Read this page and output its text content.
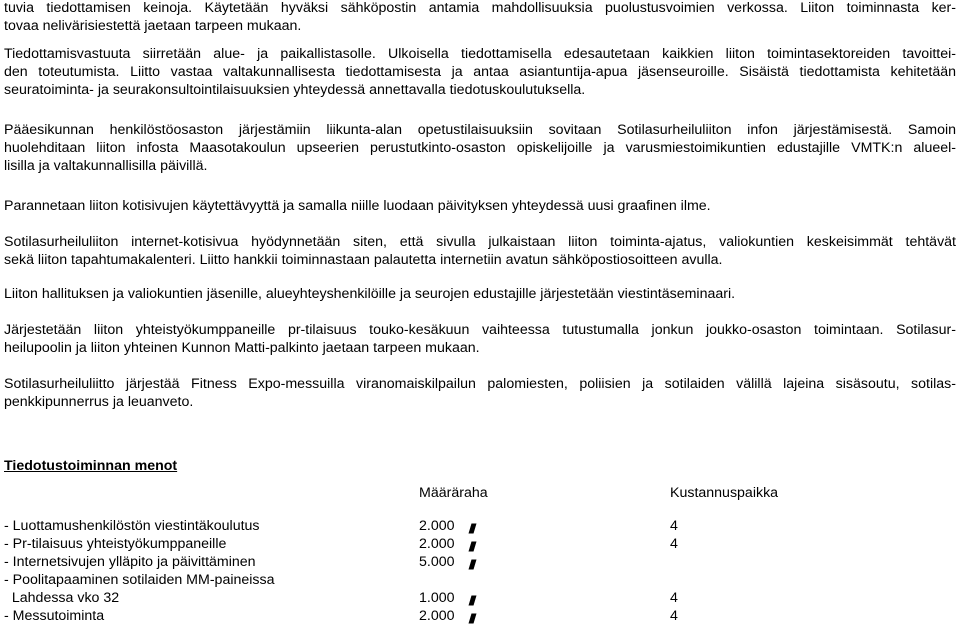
tuvia tiedottamisen keinoja. Käytetään hyväksi sähköpostin antamia mahdollisuuksia puolustusvoimien verkossa. Liiton toiminnasta ker-
tovaa nelivärisiestettä jaetaan tarpeen mukaan.
Tiedottamisvastuuta siirretään alue- ja paikallistasolle. Ulkoisella tiedottamisella edesautetaan kaikkien liiton toimintasektoreiden tavoittei-
den toteutumista. Liitto vastaa valtakunnallisesta tiedottamisesta ja antaa asiantuntija-apua jäsenseuroille. Sisäistä tiedottamista kehitetään
seuratoiminta- ja seurakonsultointilaisuuksien yhteydessä annettavalla tiedotuskoulutuksella.
Pääesikunnan henkilöstöosaston järjestämiin liikunta-alan opetustilaisuuksiin sovitaan Sotilasurheiluliiton infon järjestämisestä. Samoin
huolehditaan liiton infosta Maasotakoulun upseerien perustutkinto-osaston opiskelijoille ja varusmiestoimikuntien edustajille VMTK:n alueel-
lisilla ja valtakunnallisilla päivillä.
Parannetaan liiton kotisivujen käytettävyyttä ja samalla niille luodaan päivityksen yhteydessä uusi graafinen ilme.
Sotilasurheiluliiton internet-kotisivua hyödynnetään siten, että sivulla julkaistaan liiton toiminta-ajatus, valiokuntien keskeisimmät tehtävät
sekä liiton tapahtumakalenteri. Liitto hankkii toiminnastaan palautetta internetiin avatun sähköpostiosoitteen avulla.
Liiton hallituksen ja valiokuntien jäsenille, alueyhteyshenkilöille ja seurojen edustajille järjestetään viestintäseminaari.
Järjestetään liiton yhteistyökumppaneille pr-tilaisuus touko-kesäkuun vaihteessa tutustumalla jonkun joukko-osaston toimintaan. Sotilasur-
heilupoolin ja liiton yhteinen Kunnon Matti-palkinto jaetaan tarpeen mukaan.
Sotilasurheiluliitto järjestää Fitness Expo-messuilla viranomaiskilpailun palomiesten, poliisien ja sotilaiden välillä lajeina sisäsoutu, sotilas-
penkkipunnerrus ja leuanveto.
Tiedotustoiminnan menot
Määräraha	Kustannuspaikka
- Luottamushenkilöstön viestintäkoulutus	2.000	4
- Pr-tilaisuus yhteistyökumppaneille	2.000	4
- Internetsivujen ylläpito ja päivittäminen	5.000
- Poolitapaaminen sotilaiden MM-paineissa
Lahdessa vko 32	1.000	4
- Messutoiminta	2.000	4
